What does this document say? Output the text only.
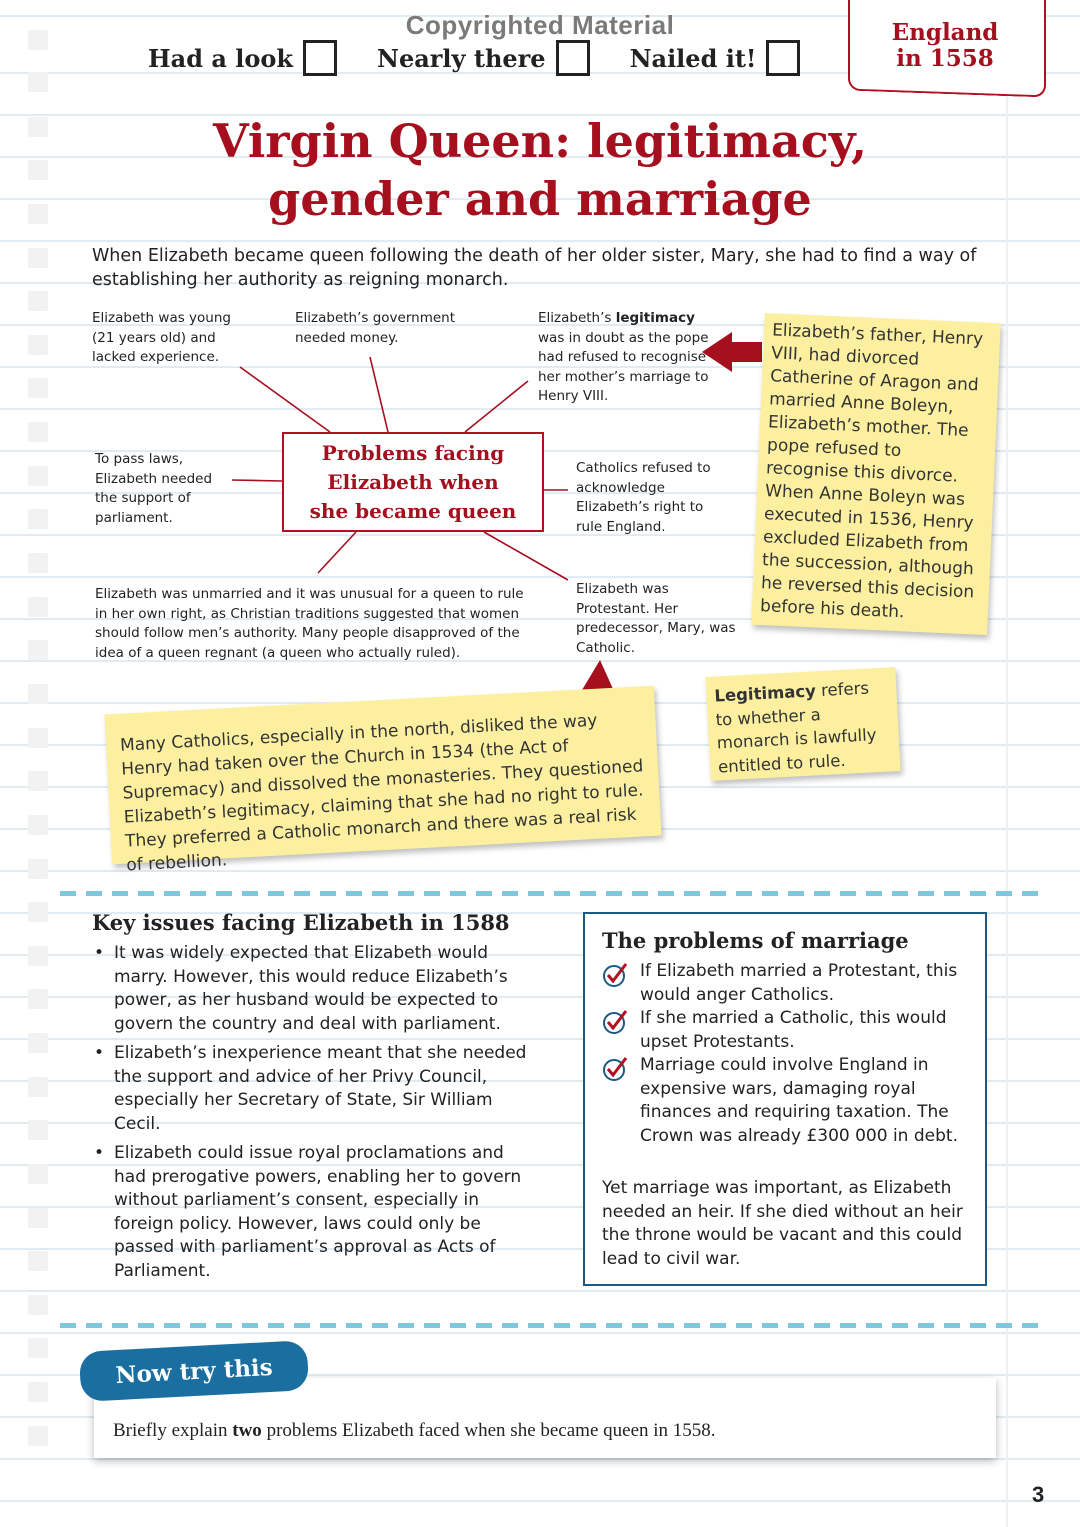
Copyrighted Material
Had a look	Nearly there	Nailed it!
England
in 1558
Virgin Queen: legitimacy,
gender and marriage
When Elizabeth became queen following the death of her older sister, Mary, she had to find a way of establishing her authority as reigning monarch.
Elizabeth was young (21 years old) and lacked experience.
Elizabeth’s government needed money.
Elizabeth’s legitimacy was in doubt as the pope had refused to recognise her mother’s marriage to Henry VIII.
To pass laws, Elizabeth needed the support of parliament.
Catholics refused to acknowledge Elizabeth’s right to rule England.
Elizabeth was unmarried and it was unusual for a queen to rule in her own right, as Christian traditions suggested that women should follow men’s authority. Many people disapproved of the idea of a queen regnant (a queen who actually ruled).
Elizabeth was Protestant. Her predecessor, Mary, was Catholic.
Problems facing
Elizabeth when
she became queen
Elizabeth’s father, Henry VIII, had divorced Catherine of Aragon and married Anne Boleyn, Elizabeth’s mother. The pope refused to recognise this divorce. When Anne Boleyn was executed in 1536, Henry excluded Elizabeth from the succession, although he reversed this decision before his death.
Many Catholics, especially in the north, disliked the way Henry had taken over the Church in 1534 (the Act of Supremacy) and dissolved the monasteries. They questioned Elizabeth’s legitimacy, claiming that she had no right to rule. They preferred a Catholic monarch and there was a real risk of rebellion.
Legitimacy refers to whether a monarch is lawfully entitled to rule.
Key issues facing Elizabeth in 1588
• It was widely expected that Elizabeth would marry. However, this would reduce Elizabeth’s power, as her husband would be expected to govern the country and deal with parliament.
• Elizabeth’s inexperience meant that she needed the support and advice of her Privy Council, especially her Secretary of State, Sir William Cecil.
• Elizabeth could issue royal proclamations and had prerogative powers, enabling her to govern without parliament’s consent, especially in foreign policy. However, laws could only be passed with parliament’s approval as Acts of Parliament.
The problems of marriage
If Elizabeth married a Protestant, this would anger Catholics.
If she married a Catholic, this would upset Protestants.
Marriage could involve England in expensive wars, damaging royal finances and requiring taxation. The Crown was already £300 000 in debt.
Yet marriage was important, as Elizabeth needed an heir. If she died without an heir the throne would be vacant and this could lead to civil war.
Now try this
Briefly explain two problems Elizabeth faced when she became queen in 1558.
3
